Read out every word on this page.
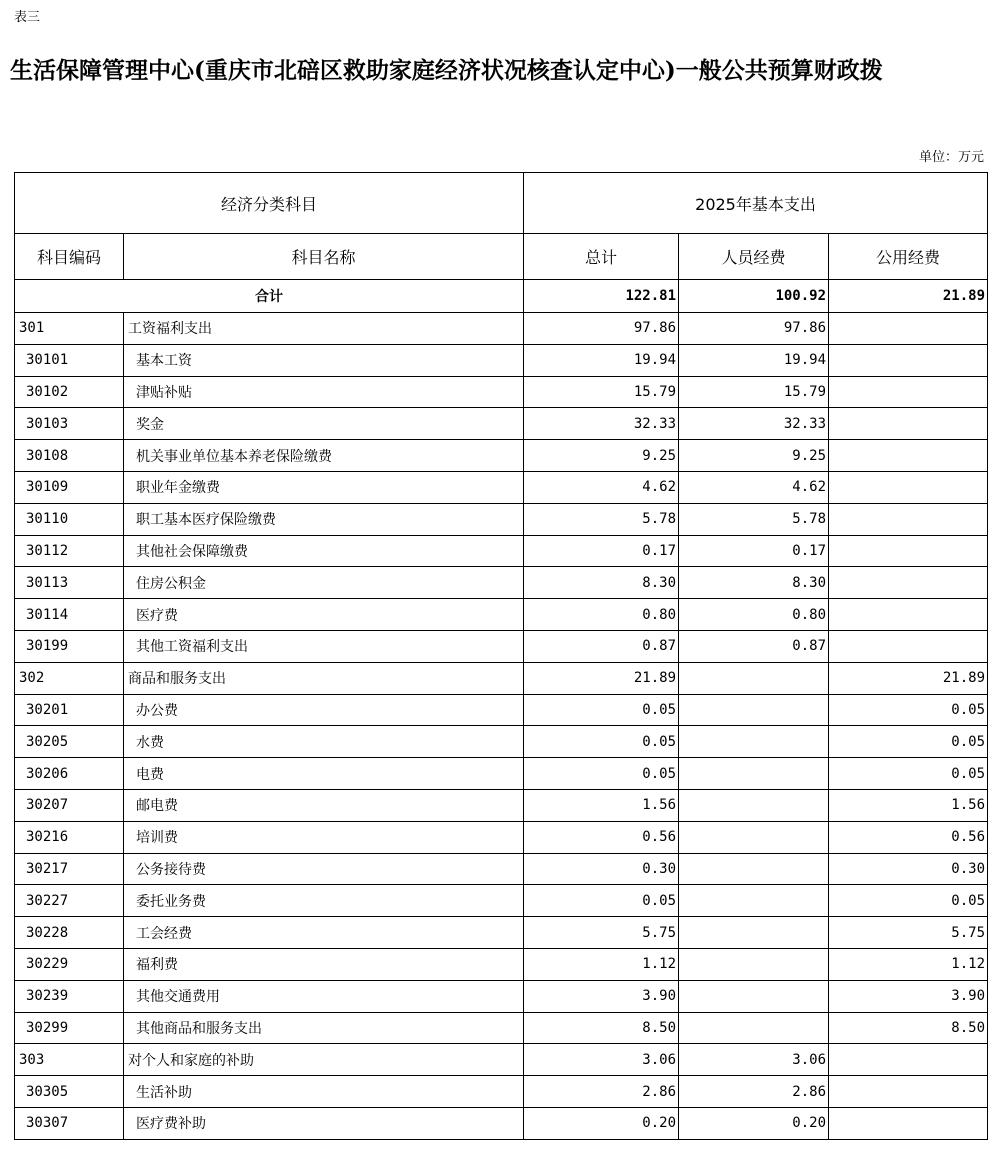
表三
生活保障管理中心(重庆市北碚区救助家庭经济状况核查认定中心)一般公共预算财政拨
单位：万元
经济分类科目		2025年基本支出		
科目编码	科目名称	总计	人员经费	公用经费
合计		122.81	100.92	21.89
301	工资福利支出	97.86	97.86	
30101	基本工资	19.94	19.94	
30102	津贴补贴	15.79	15.79	
30103	奖金	32.33	32.33	
30108	机关事业单位基本养老保险缴费	9.25	9.25	
30109	职业年金缴费	4.62	4.62	
30110	职工基本医疗保险缴费	5.78	5.78	
30112	其他社会保障缴费	0.17	0.17	
30113	住房公积金	8.30	8.30	
30114	医疗费	0.80	0.80	
30199	其他工资福利支出	0.87	0.87	
302	商品和服务支出	21.89		21.89
30201	办公费	0.05		0.05
30205	水费	0.05		0.05
30206	电费	0.05		0.05
30207	邮电费	1.56		1.56
30216	培训费	0.56		0.56
30217	公务接待费	0.30		0.30
30227	委托业务费	0.05		0.05
30228	工会经费	5.75		5.75
30229	福利费	1.12		1.12
30239	其他交通费用	3.90		3.90
30299	其他商品和服务支出	8.50		8.50
303	对个人和家庭的补助	3.06	3.06	
30305	生活补助	2.86	2.86	
30307	医疗费补助	0.20	0.20	
